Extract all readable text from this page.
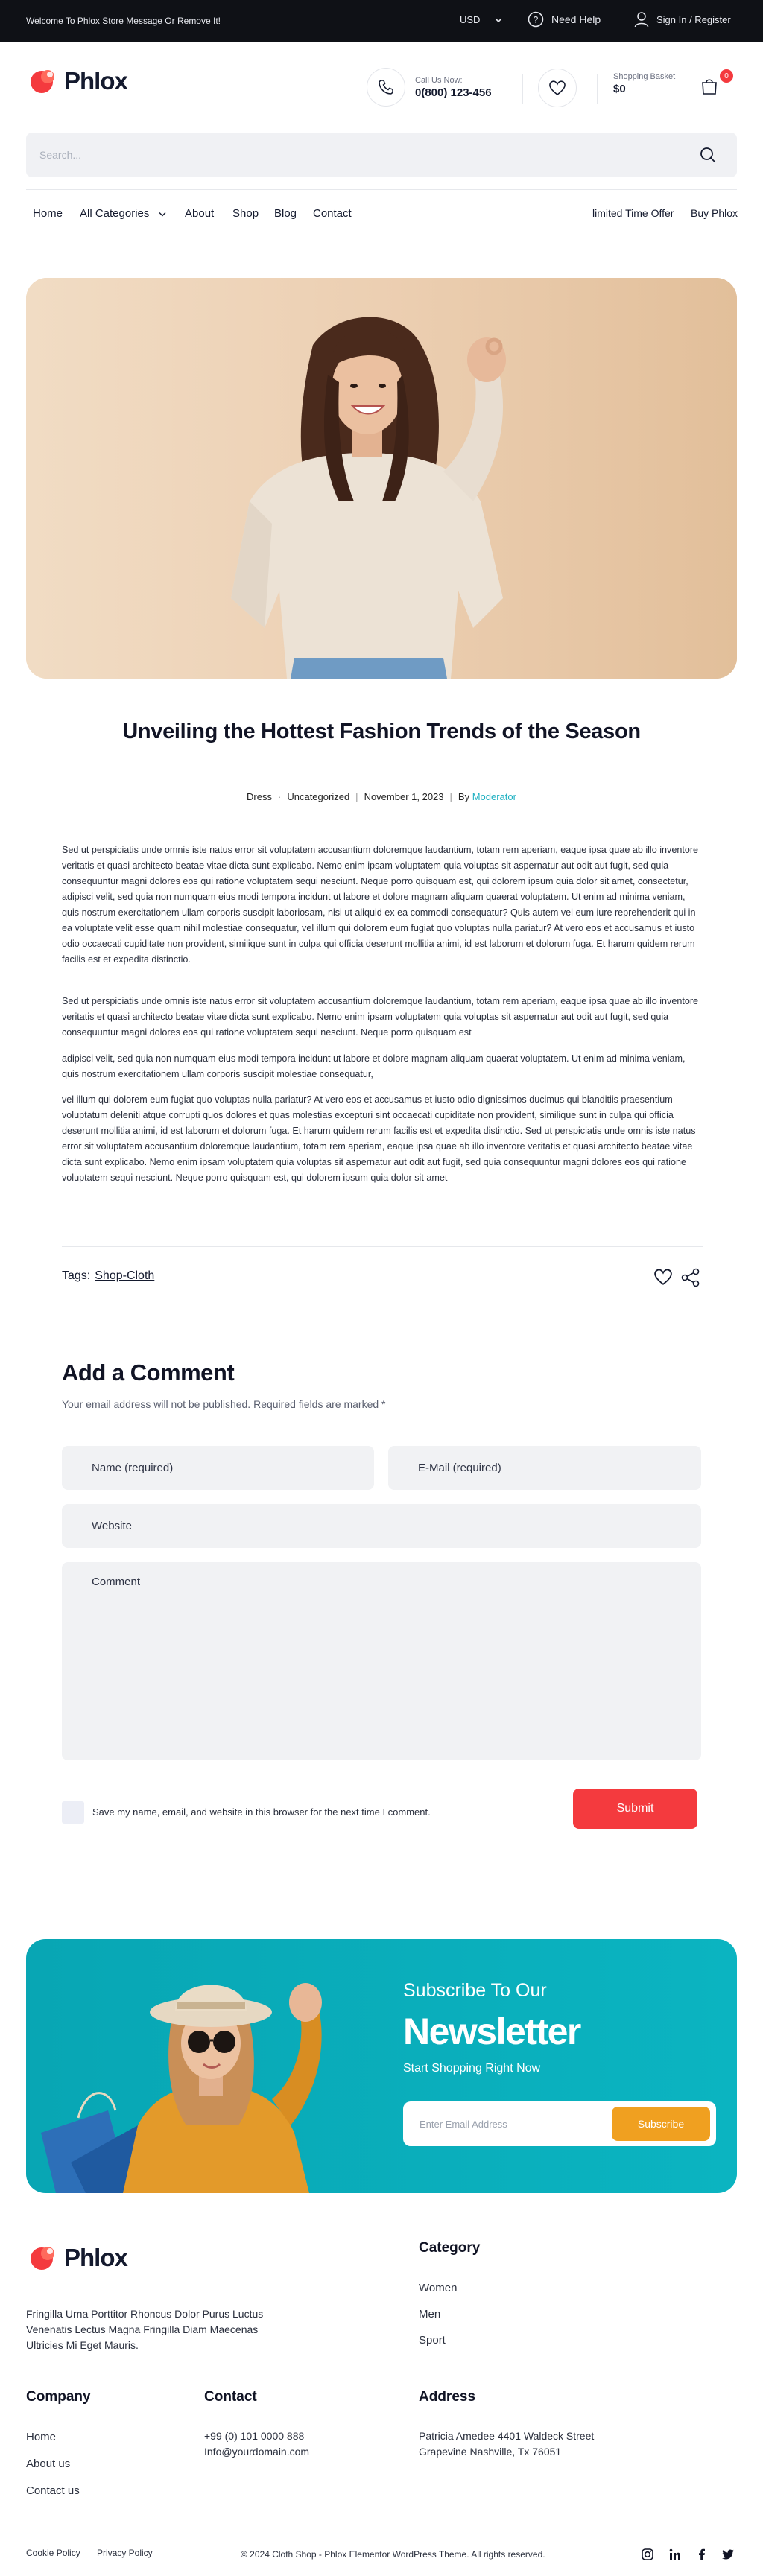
Welcome To Phlox Store Message Or Remove It!	USD	? Need Help	Sign In / Register
Phlox	Call Us Now:
0(800) 123-456
Shopping Basket
$0
0
Search...
Home All Categories	About Shop Blog Contact	limited Time Offer Buy Phlox
Unveiling the Hottest Fashion Trends of the Season
Dress · Uncategorized | November 1, 2023 | By Moderator
Sed ut perspiciatis unde omnis iste natus error sit voluptatem accusantium doloremque laudantium, totam rem aperiam, eaque ipsa quae ab illo inventore veritatis et quasi architecto beatae vitae dicta sunt explicabo. Nemo enim ipsam voluptatem quia voluptas sit aspernatur aut odit aut fugit, sed quia consequuntur magni dolores eos qui ratione voluptatem sequi nesciunt. Neque porro quisquam est, qui dolorem ipsum quia dolor sit amet, consectetur, adipisci velit, sed quia non numquam eius modi tempora incidunt ut labore et dolore magnam aliquam quaerat voluptatem. Ut enim ad minima veniam, quis nostrum exercitationem ullam corporis suscipit laboriosam, nisi ut aliquid ex ea commodi consequatur? Quis autem vel eum iure reprehenderit qui in ea voluptate velit esse quam nihil molestiae consequatur, vel illum qui dolorem eum fugiat quo voluptas nulla pariatur? At vero eos et accusamus et iusto odio occaecati cupiditate non provident, similique sunt in culpa qui officia deserunt mollitia animi, id est laborum et dolorum fuga. Et harum quidem rerum facilis est et expedita distinctio.
Sed ut perspiciatis unde omnis iste natus error sit voluptatem accusantium doloremque laudantium, totam rem aperiam, eaque ipsa quae ab illo inventore veritatis et quasi architecto beatae vitae dicta sunt explicabo. Nemo enim ipsam voluptatem quia voluptas sit aspernatur aut odit aut fugit, sed quia consequuntur magni dolores eos qui ratione voluptatem sequi nesciunt. Neque porro quisquam est
adipisci velit, sed quia non numquam eius modi tempora incidunt ut labore et dolore magnam aliquam quaerat voluptatem. Ut enim ad minima veniam, quis nostrum exercitationem ullam corporis suscipit molestiae consequatur,
vel illum qui dolorem eum fugiat quo voluptas nulla pariatur? At vero eos et accusamus et iusto odio dignissimos ducimus qui blanditiis praesentium voluptatum deleniti atque corrupti quos dolores et quas molestias excepturi sint occaecati cupiditate non provident, similique sunt in culpa qui officia deserunt mollitia animi, id est laborum et dolorum fuga. Et harum quidem rerum facilis est et expedita distinctio. Sed ut perspiciatis unde omnis iste natus error sit voluptatem accusantium doloremque laudantium, totam rem aperiam, eaque ipsa quae ab illo inventore veritatis et quasi architecto beatae vitae dicta sunt explicabo. Nemo enim ipsam voluptatem quia voluptas sit aspernatur aut odit aut fugit, sed quia consequuntur magni dolores eos qui ratione voluptatem sequi nesciunt. Neque porro quisquam est, qui dolorem ipsum quia dolor sit amet
Tags: Shop-Cloth
Add a Comment
Your email address will not be published. Required fields are marked *
Name (required)
E-Mail (required)
Website
Comment
Save my name, email, and website in this browser for the next time I comment.	Submit
Subscribe To Our
Newsletter
Start Shopping Right Now
Enter Email Address
Subscribe
Phlox
Fringilla Urna Porttitor Rhoncus Dolor Purus Luctus Venenatis Lectus Magna Fringilla Diam Maecenas Ultricies Mi Eget Mauris.
Category
Women
Men
Sport
Company
Home
About us
Contact us
Contact
+99 (0) 101 0000 888
Info@yourdomain.com
Address
Patricia Amedee 4401 Waldeck Street
Grapevine Nashville, Tx 76051
Cookie Policy Privacy Policy	© 2024 Cloth Shop - Phlox Elementor WordPress Theme. All rights reserved.
